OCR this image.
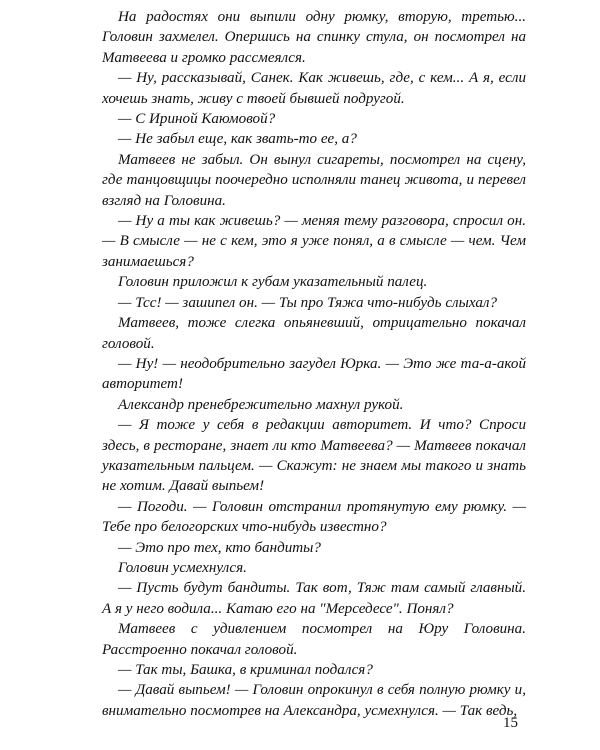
На радостях они выпили одну рюмку, вторую, третью... Головин захмелел. Опершись на спинку стула, он посмотрел на Матвеева и громко рассмеялся.

— Ну, рассказывай, Санек. Как живешь, где, с кем... А я, если хочешь знать, живу с твоей бывшей подругой.

— С Ириной Каюмовой?

— Не забыл еще, как звать-то ее, а?

Матвеев не забыл. Он вынул сигареты, посмотрел на сцену, где танцовщицы поочередно исполняли танец живота, и перевел взгляд на Головина.

— Ну а ты как живешь? — меняя тему разговора, спросил он. — В смысле — не с кем, это я уже понял, а в смысле — чем. Чем занимаешься?

Головин приложил к губам указательный палец.

— Тсс! — зашипел он. — Ты про Тяжа что-нибудь слыхал?

Матвеев, тоже слегка опьяневший, отрицательно покачал головой.

— Ну! — неодобрительно загудел Юрка. — Это же та-а-акой авторитет!

Александр пренебрежительно махнул рукой.

— Я тоже у себя в редакции авторитет. И что? Спроси здесь, в ресторане, знает ли кто Матвеева? — Матвеев покачал указательным пальцем. — Скажут: не знаем мы такого и знать не хотим. Давай выпьем!

— Погоди. — Головин отстранил протянутую ему рюмку. — Тебе про белогорских что-нибудь известно?

— Это про тех, кто бандиты?

Головин усмехнулся.

— Пусть будут бандиты. Так вот, Тяж там самый главный. А я у него водила... Катаю его на "Мерседесе". Понял?

Матвеев с удивлением посмотрел на Юру Головина. Расстроенно покачал головой.

— Так ты, Башка, в криминал подался?

— Давай выпьем! — Головин опрокинул в себя полную рюмку и, внимательно посмотрев на Александра, усмехнулся. — Так ведь,

15
